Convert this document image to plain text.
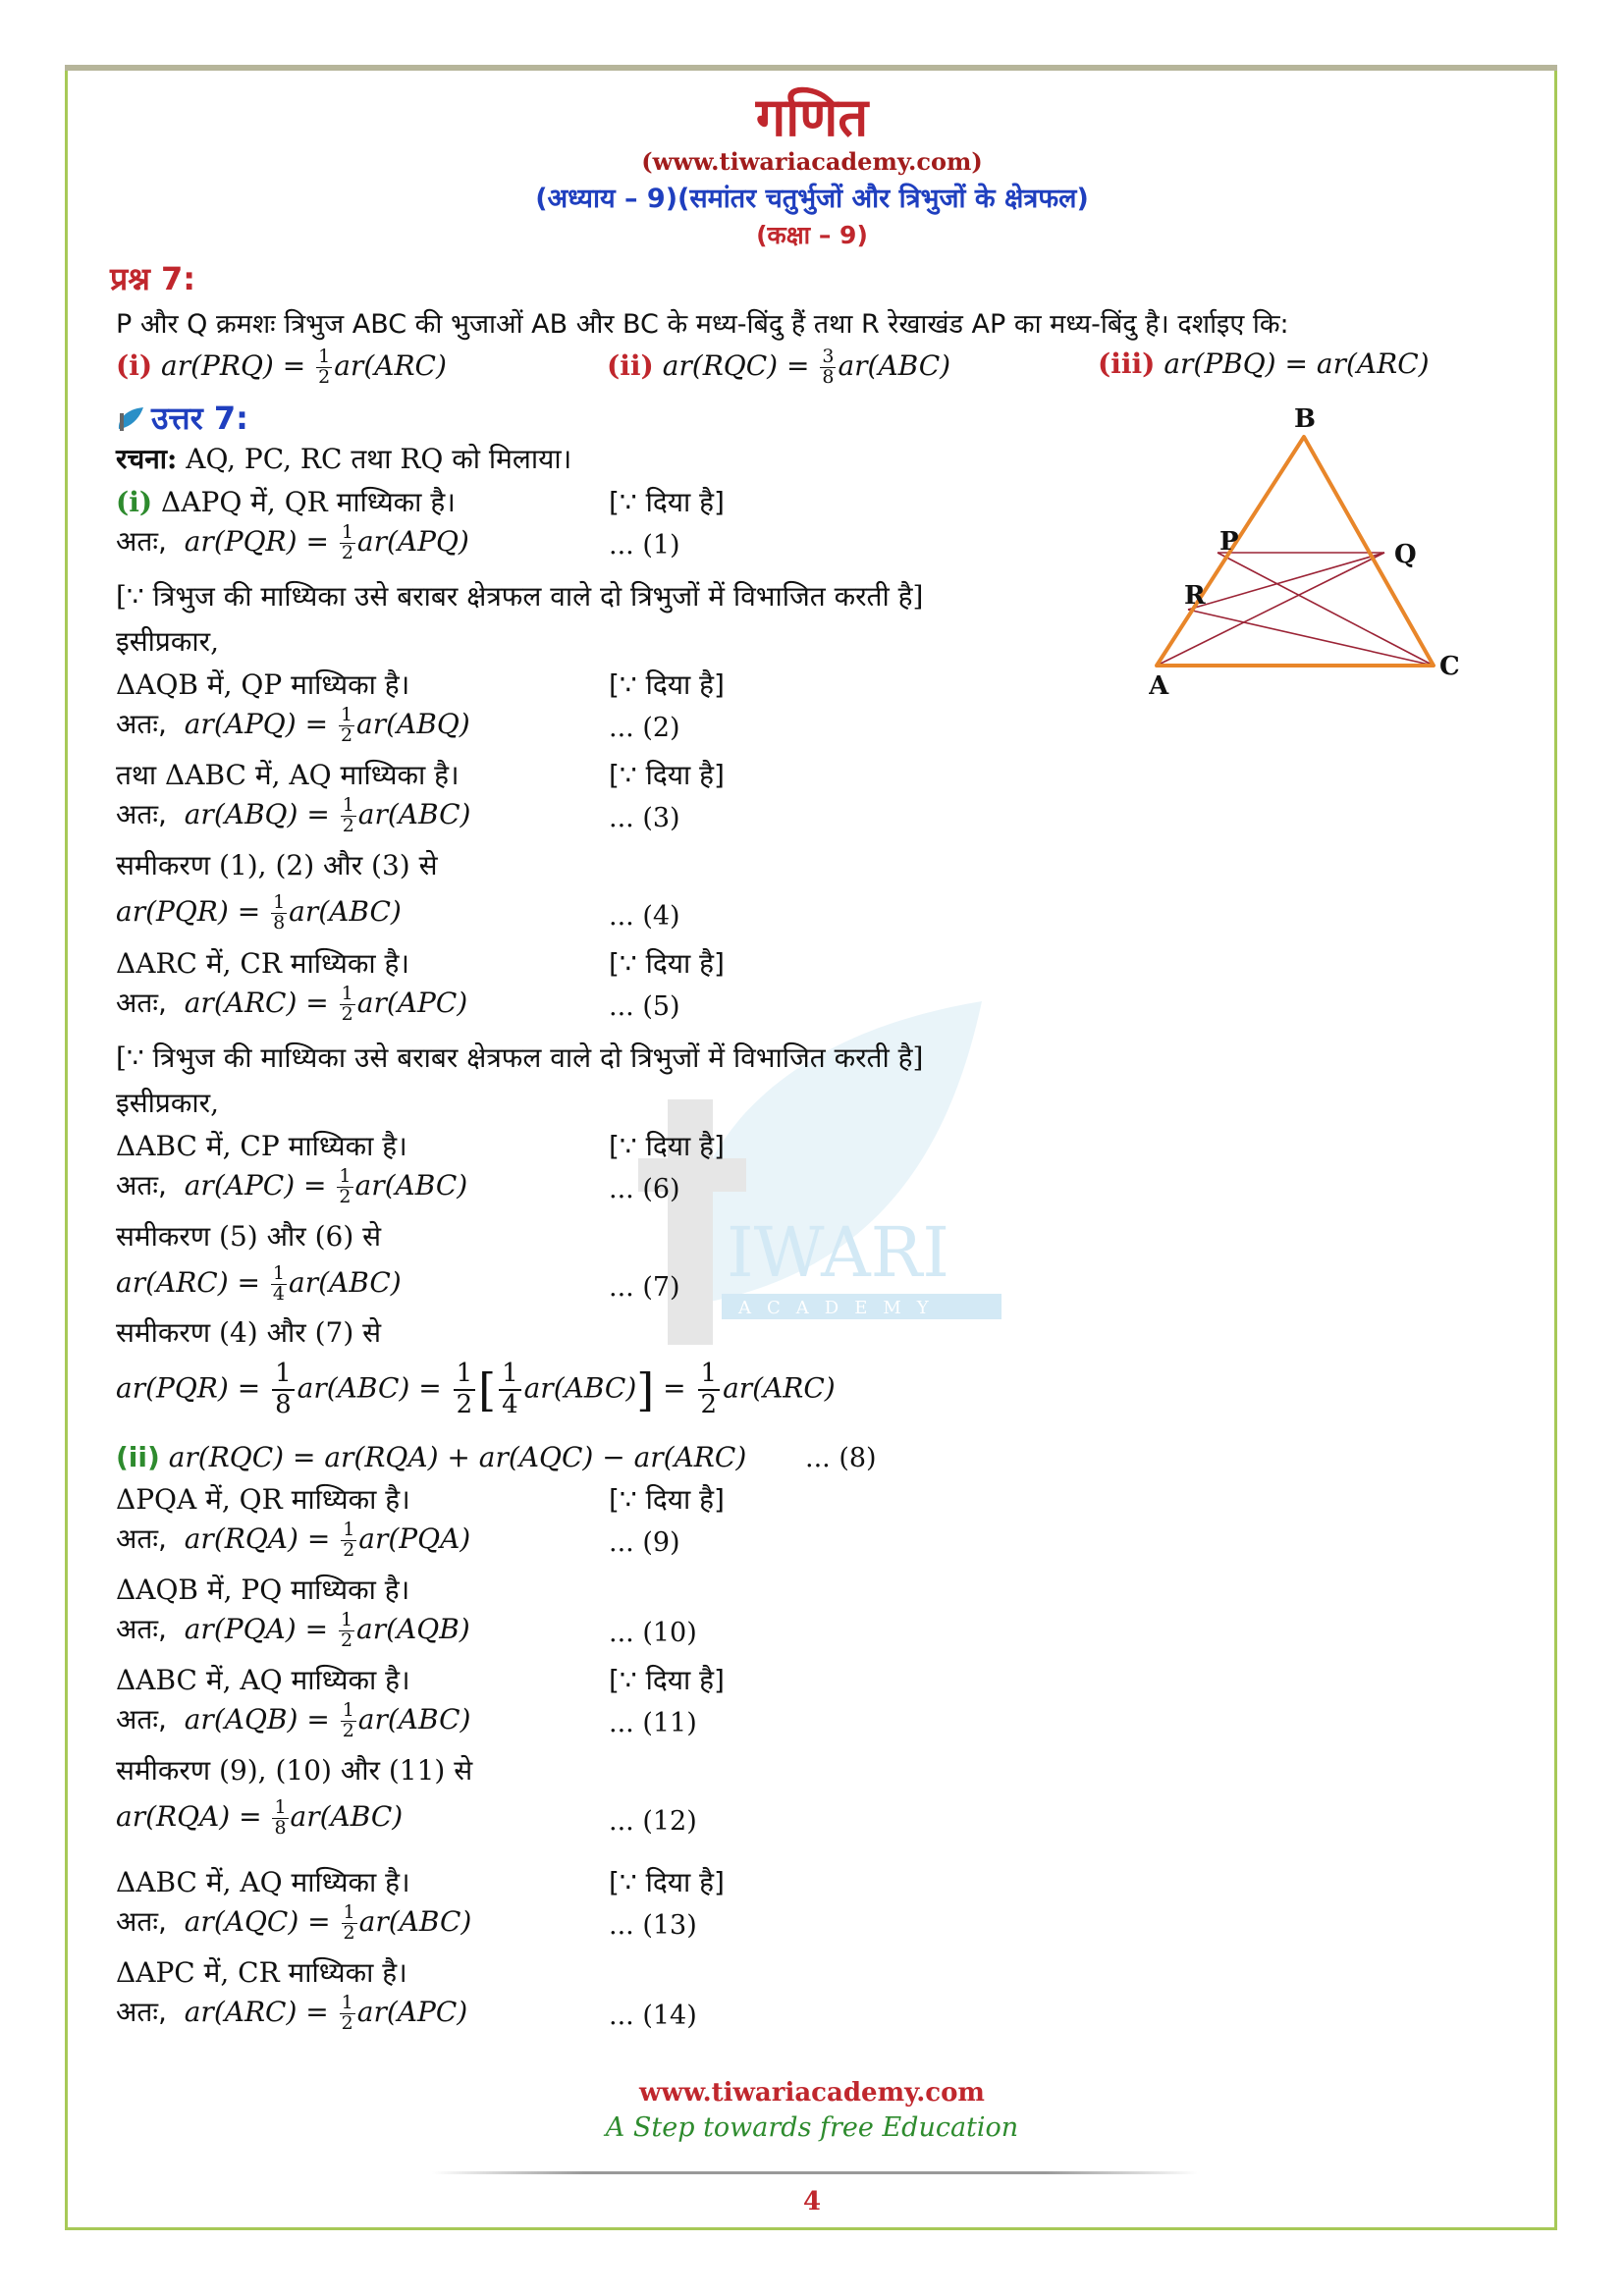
IWARI
ACADEMY
गणित
(www.tiwariacademy.com)
(अध्याय – 9)(समांतर चतुर्भुजों और त्रिभुजों के क्षेत्रफल)
(कक्षा – 9)
प्रश्न 7:
P और Q क्रमशः त्रिभुज ABC की भुजाओं AB और BC के मध्य-बिंदु हैं तथा R रेखाखंड AP का मध्य-बिंदु है। दर्शाइए कि:
(i) $ar(PRQ) = \frac{1}{2} ar(ARC)$	(ii) $ar(RQC) = \frac{3}{8} ar(ABC)$	(iii) ar(PBQ) = ar(ARC)
उत्तर 7:	B
P	Q
R
A
C
रचना: AQ, PC, RC तथा RQ को मिलाया।
(i) ΔAPQ में, QR माध्यिका है।	[∵ दिया है]
अतः, $ar(PQR) = \frac{1}{2} ar(APQ)$	... (1)
[∵ त्रिभुज की माध्यिका उसे बराबर क्षेत्रफल वाले दो त्रिभुजों में विभाजित करती है]
इसीप्रकार,
ΔAQB में, QP माध्यिका है।	[∵ दिया है]
अतः, $ar(APQ) = \frac{1}{2} ar(ABQ)$	... (2)
तथा ΔABC में, AQ माध्यिका है।	[∵ दिया है]
अतः, $ar(ABQ) = \frac{1}{2} ar(ABC)$	... (3)
समीकरण (1), (2) और (3) से
$ar(PQR) = \frac{1}{8} ar(ABC)$	... (4)
ΔARC में, CR माध्यिका है।	[∵ दिया है]
अतः, $ar(ARC) = \frac{1}{2} ar(APC)$	... (5)
[∵ त्रिभुज की माध्यिका उसे बराबर क्षेत्रफल वाले दो त्रिभुजों में विभाजित करती है]
इसीप्रकार,
ΔABC में, CP माध्यिका है।	[∵ दिया है]
अतः, $ar(APC) = \frac{1}{2} ar(ABC)$	... (6)
समीकरण (5) और (6) से
$ar(ARC) = \frac{1}{4} ar(ABC)$	... (7)
समीकरण (4) और (7) से
$ar(PQR) = \frac{1}{8} ar(ABC) = \frac{1}{2}$ [ $\frac{1}{4} ar(ABC)] = \frac{1}{2} ar(ARC)$
(ii) ar(RQC) = ar(RQA) + ar(AQC) − ar(ARC) ... (8)
ΔPQA में, QR माध्यिका है।	[∵ दिया है]
अतः, $ar(RQA) = \frac{1}{2} ar(PQA)$	... (9)
ΔAQB में, PQ माध्यिका है।
अतः, $ar(PQA) = \frac{1}{2} ar(AQB)$	... (10)
ΔABC में, AQ माध्यिका है।	[∵ दिया है]
अतः, $ar(AQB) = \frac{1}{2} ar(ABC)$	... (11)
समीकरण (9), (10) और (11) से
$ar(RQA) = \frac{1}{8} ar(ABC)$	... (12)
ΔABC में, AQ माध्यिका है।	[∵ दिया है]
अतः, $ar(AQC) = \frac{1}{2} ar(ABC)$	... (13)
ΔAPC में, CR माध्यिका है।
अतः, $ar(ARC) = \frac{1}{2} ar(APC)$	... (14)
www.tiwariacademy.com
A Step towards free Education
4
